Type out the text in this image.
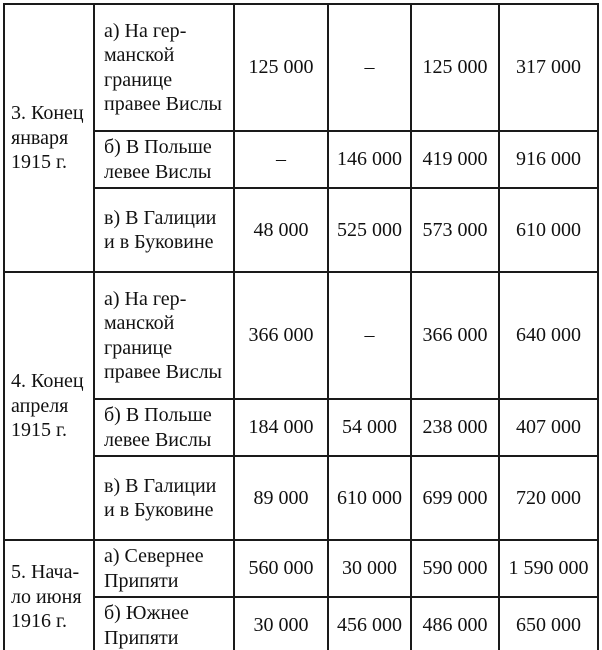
3. Конец января 1915 г.	а) На германской границе правее Вислы	125 000	–	125 000	317 000
	б) В Польше левее Вислы	–	146 000	419 000	916 000
	в) В Галиции и в Буковине	48 000	525 000	573 000	610 000
4. Конец апреля 1915 г.	а) На германской границе правее Вислы	366 000	–	366 000	640 000
	б) В Польше левее Вислы	184 000	54 000	238 000	407 000
	в) В Галиции и в Буковине	89 000	610 000	699 000	720 000
5. Начало июня 1916 г.	а) Севернее Припяти	560 000	30 000	590 000	1 590 000
	б) Южнее Припяти	30 000	456 000	486 000	650 000
